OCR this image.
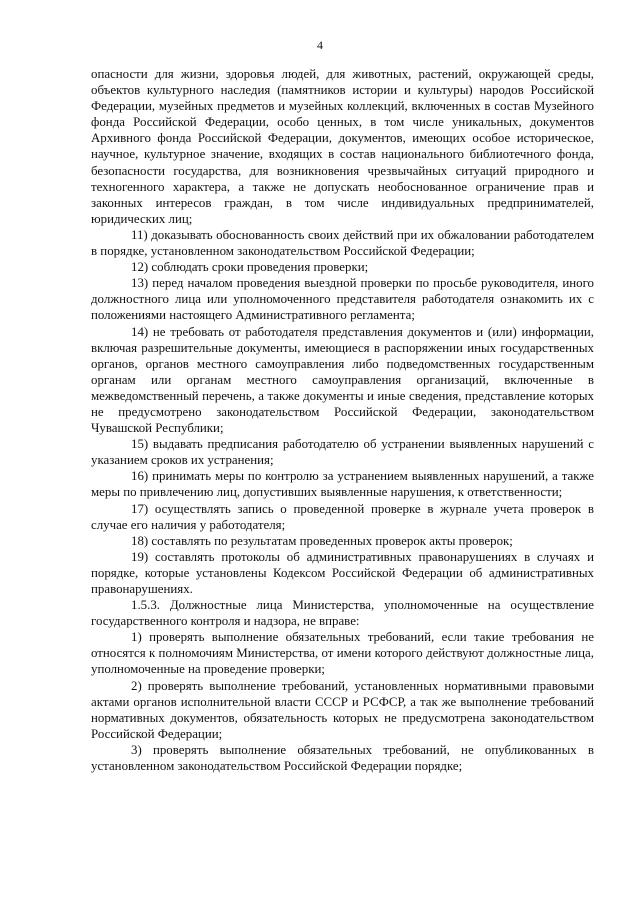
4

опасности для жизни, здоровья людей, для животных, растений, окружающей среды, объектов культурного наследия (памятников истории и культуры) народов Российской Федерации, музейных предметов и музейных коллекций, включенных в состав Музейного фонда Российской Федерации, особо ценных, в том числе уникальных, документов Архивного фонда Российской Федерации, документов, имеющих особое историческое, научное, культурное значение, входящих в состав национального библиотечного фонда, безопасности государства, для возникновения чрезвычайных ситуаций природного и техногенного характера, а также не допускать необоснованное ограничение прав и законных интересов граждан, в том числе индивидуальных предпринимателей, юридических лиц;

11) доказывать обоснованность своих действий при их обжаловании работодателем в порядке, установленном законодательством Российской Федерации;

12) соблюдать сроки проведения проверки;

13) перед началом проведения выездной проверки по просьбе руководителя, иного должностного лица или уполномоченного представителя работодателя ознакомить их с положениями настоящего Административного регламента;

14) не требовать от работодателя представления документов и (или) информации, включая разрешительные документы, имеющиеся в распоряжении иных государственных органов, органов местного самоуправления либо подведомственных государственным органам или органам местного самоуправления организаций, включенные в межведомственный перечень, а также документы и иные сведения, представление которых не предусмотрено законодательством Российской Федерации, законодательством Чувашской Республики;

15) выдавать предписания работодателю об устранении выявленных нарушений с указанием сроков их устранения;

16) принимать меры по контролю за устранением выявленных нарушений, а также меры по привлечению лиц, допустивших выявленные нарушения, к ответственности;

17) осуществлять запись о проведенной проверке в журнале учета проверок в случае его наличия у работодателя;

18) составлять по результатам проведенных проверок акты проверок;

19) составлять протоколы об административных правонарушениях в случаях и порядке, которые установлены Кодексом Российской Федерации об административных правонарушениях.

1.5.3. Должностные лица Министерства, уполномоченные на осуществление государственного контроля и надзора, не вправе:

1) проверять выполнение обязательных требований, если такие требования не относятся к полномочиям Министерства, от имени которого действуют должностные лица, уполномоченные на проведение проверки;

2) проверять выполнение требований, установленных нормативными правовыми актами органов исполнительной власти СССР и РСФСР, а так же выполнение требований нормативных документов, обязательность которых не предусмотрена законодательством Российской Федерации;

3) проверять выполнение обязательных требований, не опубликованных в установленном законодательством Российской Федерации порядке;
